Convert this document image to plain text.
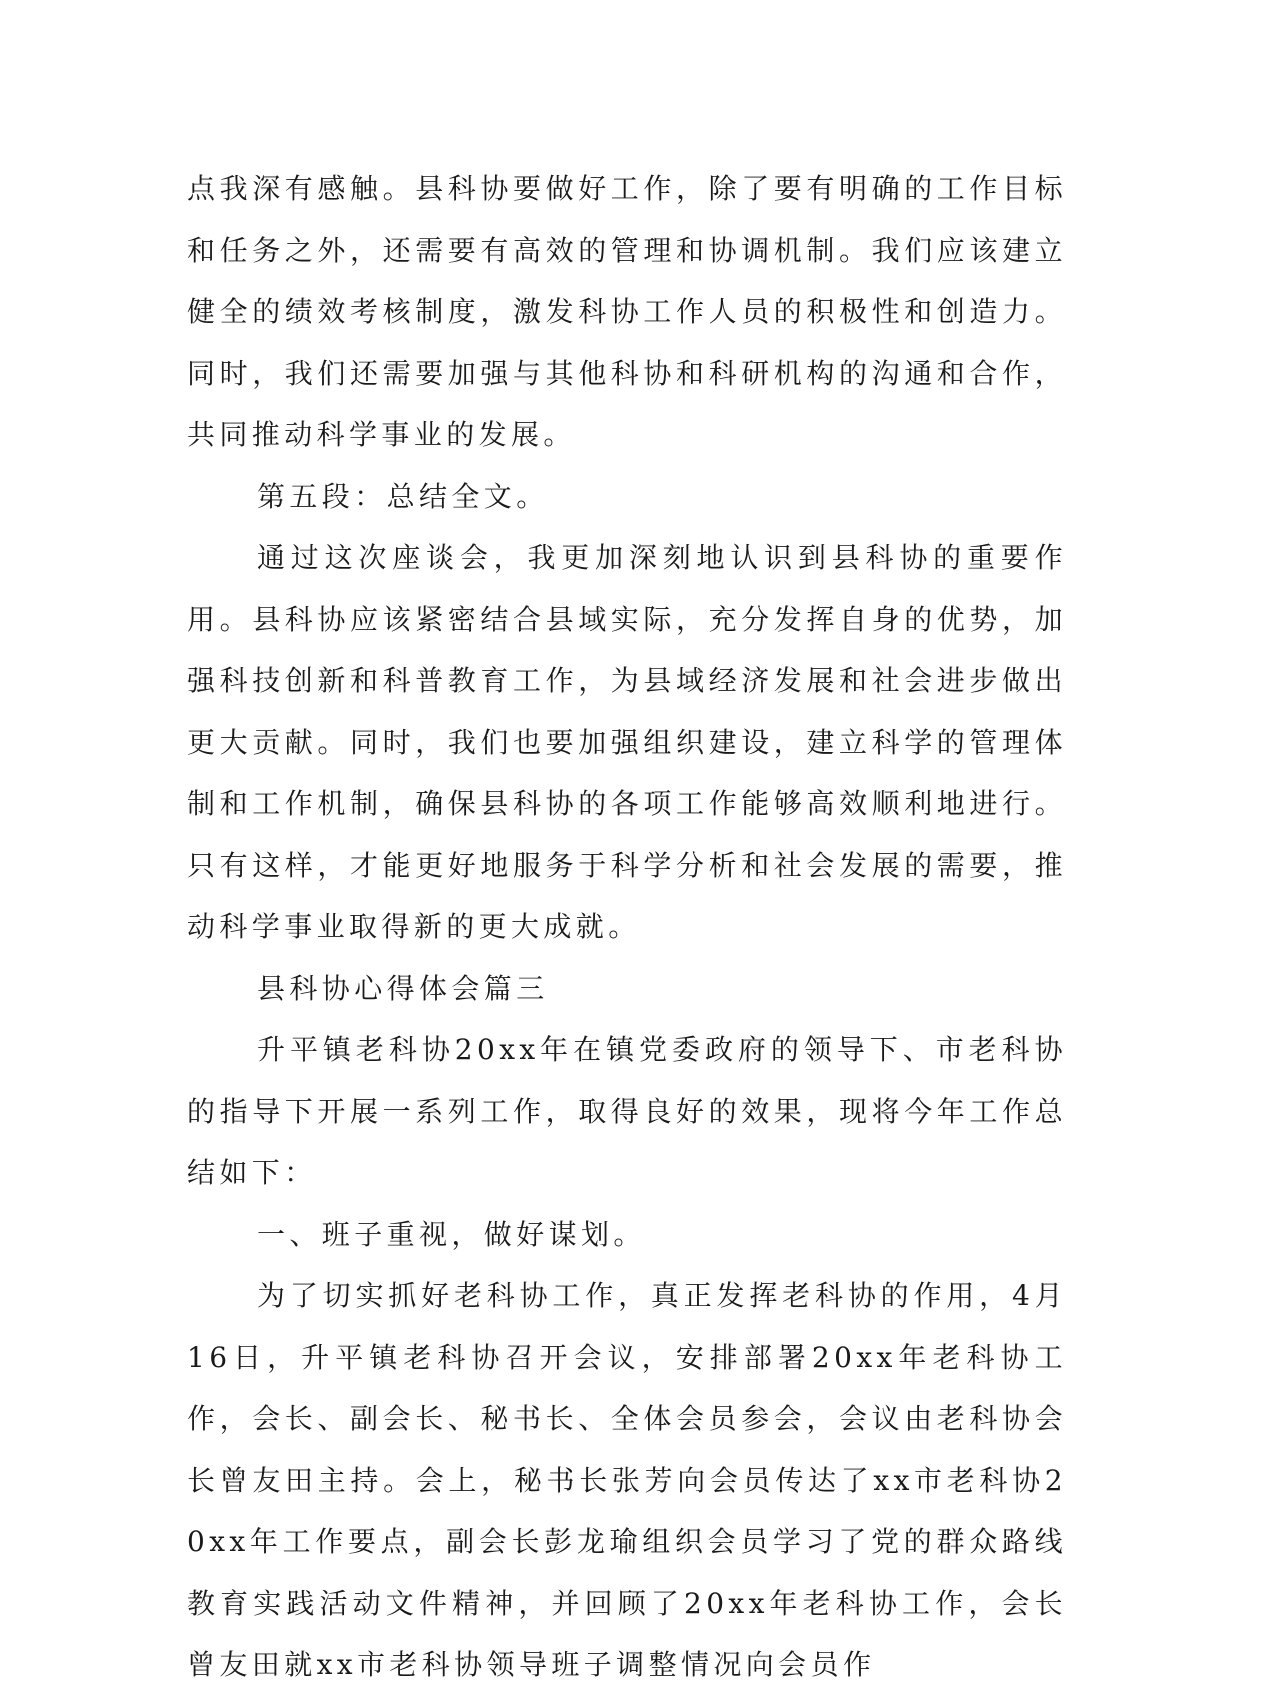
点我深有感触。县科协要做好工作，除了要有明确的工作目标和任务之外，还需要有高效的管理和协调机制。我们应该建立健全的绩效考核制度，激发科协工作人员的积极性和创造力。同时，我们还需要加强与其他科协和科研机构的沟通和合作，共同推动科学事业的发展。

第五段：总结全文。

通过这次座谈会，我更加深刻地认识到县科协的重要作用。县科协应该紧密结合县域实际，充分发挥自身的优势，加强科技创新和科普教育工作，为县域经济发展和社会进步做出更大贡献。同时，我们也要加强组织建设，建立科学的管理体制和工作机制，确保县科协的各项工作能够高效顺利地进行。只有这样，才能更好地服务于科学分析和社会发展的需要，推动科学事业取得新的更大成就。

县科协心得体会篇三

升平镇老科协20xx年在镇党委政府的领导下、市老科协的指导下开展一系列工作，取得良好的效果，现将今年工作总结如下：

一、班子重视，做好谋划。

为了切实抓好老科协工作，真正发挥老科协的作用，4月16日，升平镇老科协召开会议，安排部署20xx年老科协工作，会长、副会长、秘书长、全体会员参会，会议由老科协会长曾友田主持。会上，秘书长张芳向会员传达了xx市老科协20xx年工作要点，副会长彭龙瑜组织会员学习了党的群众路线教育实践活动文件精神，并回顾了20xx年老科协工作，会长曾友田就xx市老科协领导班子调整情况向会员作
